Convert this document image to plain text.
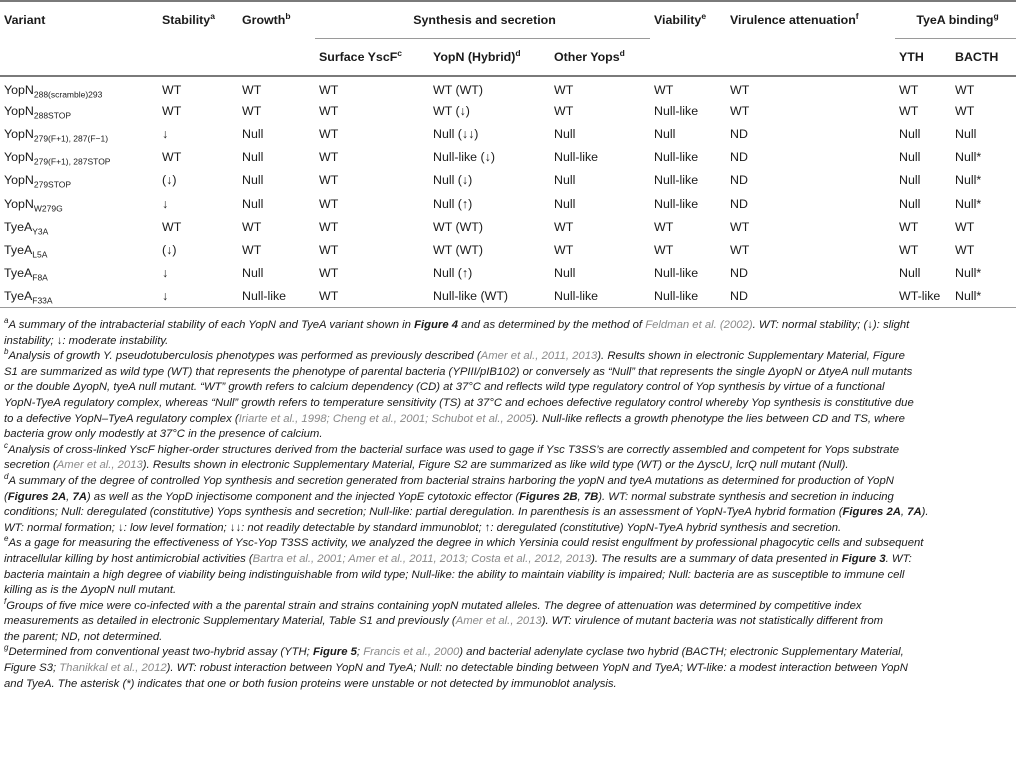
Variant	Stability$^a$	Growth$^b$	Synthesis and secretion			Viability$^e$	Virulence attenuation$^f$	TyeA binding$^g$
			Surface YscF$^c$	YopN (Hybrid)$^d$	Other Yops$^d$			YTH	BACTH
YopN$_{288(scramble)293}$	WT	WT	WT	WT (WT)	WT	WT	WT	WT	WT
YopN$_{288STOP}$	WT	WT	WT	WT (↓)	WT	Null-like	WT	WT	WT
YopN$_{279(F+1), 287(F-1)}$	↓	Null	WT	Null (↓↓)	Null	Null	ND	Null	Null
YopN$_{279(F+1), 287STOP}$	WT	Null	WT	Null-like (↓)	Null-like	Null-like	ND	Null	Null*
YopN$_{279STOP}$	(↓)	Null	WT	Null (↓)	Null	Null-like	ND	Null	Null*
YopN$_{W279G}$	↓	Null	WT	Null (↑)	Null	Null-like	ND	Null	Null*
TyeA$_{Y3A}$	WT	WT	WT	WT (WT)	WT	WT	WT	WT	WT
TyeA$_{L5A}$	(↓)	WT	WT	WT (WT)	WT	WT	WT	WT	WT
TyeA$_{F8A}$	↓	Null	WT	Null (↑)	Null	Null-like	ND	Null	Null*
TyeA$_{F33A}$	↓	Null-like	WT	Null-like (WT)	Null-like	Null-like	ND	WT-like	Null*

$^a$A summary of the intrabacterial stability of each YopN and TyeA variant shown in Figure 4 and as determined by the method of Feldman et al. (2002). WT: normal stability; (↓): slight
instability; ↓: moderate instability.

$^b$Analysis of growth Y. pseudotuberculosis phenotypes was performed as previously described (Amer et al., 2011, 2013). Results shown in electronic Supplementary Material, Figure
S1 are summarized as wild type (WT) that represents the phenotype of parental bacteria (YPIII/pIB102) or conversely as “Null” that represents the single ΔyopN or ΔtyeA null mutants
or the double ΔyopN, tyeA null mutant. “WT” growth refers to calcium dependency (CD) at 37°C and reflects wild type regulatory control of Yop synthesis by virtue of a functional
YopN-TyeA regulatory complex, whereas “Null” growth refers to temperature sensitivity (TS) at 37°C and echoes defective regulatory control whereby Yop synthesis is constitutive due
to a defective YopN–TyeA regulatory complex (Iriarte et al., 1998; Cheng et al., 2001; Schubot et al., 2005). Null-like reflects a growth phenotype the lies between CD and TS, where
bacteria grow only modestly at 37°C in the presence of calcium.

$^c$Analysis of cross-linked YscF higher-order structures derived from the bacterial surface was used to gage if Ysc T3SS’s are correctly assembled and competent for Yops substrate
secretion (Amer et al., 2013). Results shown in electronic Supplementary Material, Figure S2 are summarized as like wild type (WT) or the ΔyscU, lcrQ null mutant (Null).

$^d$A summary of the degree of controlled Yop synthesis and secretion generated from bacterial strains harboring the yopN and tyeA mutations as determined for production of YopN
(Figures 2A, 7A) as well as the YopD injectisome component and the injected YopE cytotoxic effector (Figures 2B, 7B). WT: normal substrate synthesis and secretion in inducing
conditions; Null: deregulated (constitutive) Yops synthesis and secretion; Null-like: partial deregulation. In parenthesis is an assessment of YopN-TyeA hybrid formation (Figures 2A, 7A).
WT: normal formation; ↓: low level formation; ↓↓: not readily detectable by standard immunoblot; ↑: deregulated (constitutive) YopN-TyeA hybrid synthesis and secretion.

$^e$As a gage for measuring the effectiveness of Ysc-Yop T3SS activity, we analyzed the degree in which Yersinia could resist engulfment by professional phagocytic cells and subsequent
intracellular killing by host antimicrobial activities (Bartra et al., 2001; Amer et al., 2011, 2013; Costa et al., 2012, 2013). The results are a summary of data presented in Figure 3. WT:
bacteria maintain a high degree of viability being indistinguishable from wild type; Null-like: the ability to maintain viability is impaired; Null: bacteria are as susceptible to immune cell
killing as is the ΔyopN null mutant.

$^f$Groups of five mice were co-infected with a the parental strain and strains containing yopN mutated alleles. The degree of attenuation was determined by competitive index
measurements as detailed in electronic Supplementary Material, Table S1 and previously (Amer et al., 2013). WT: virulence of mutant bacteria was not statistically different from
the parent; ND, not determined.

$^g$Determined from conventional yeast two-hybrid assay (YTH; Figure 5; Francis et al., 2000) and bacterial adenylate cyclase two hybrid (BACTH; electronic Supplementary Material,
Figure S3; Thanikkal et al., 2012). WT: robust interaction between YopN and TyeA; Null: no detectable binding between YopN and TyeA; WT-like: a modest interaction between YopN
and TyeA. The asterisk (*) indicates that one or both fusion proteins were unstable or not detected by immunoblot analysis.
